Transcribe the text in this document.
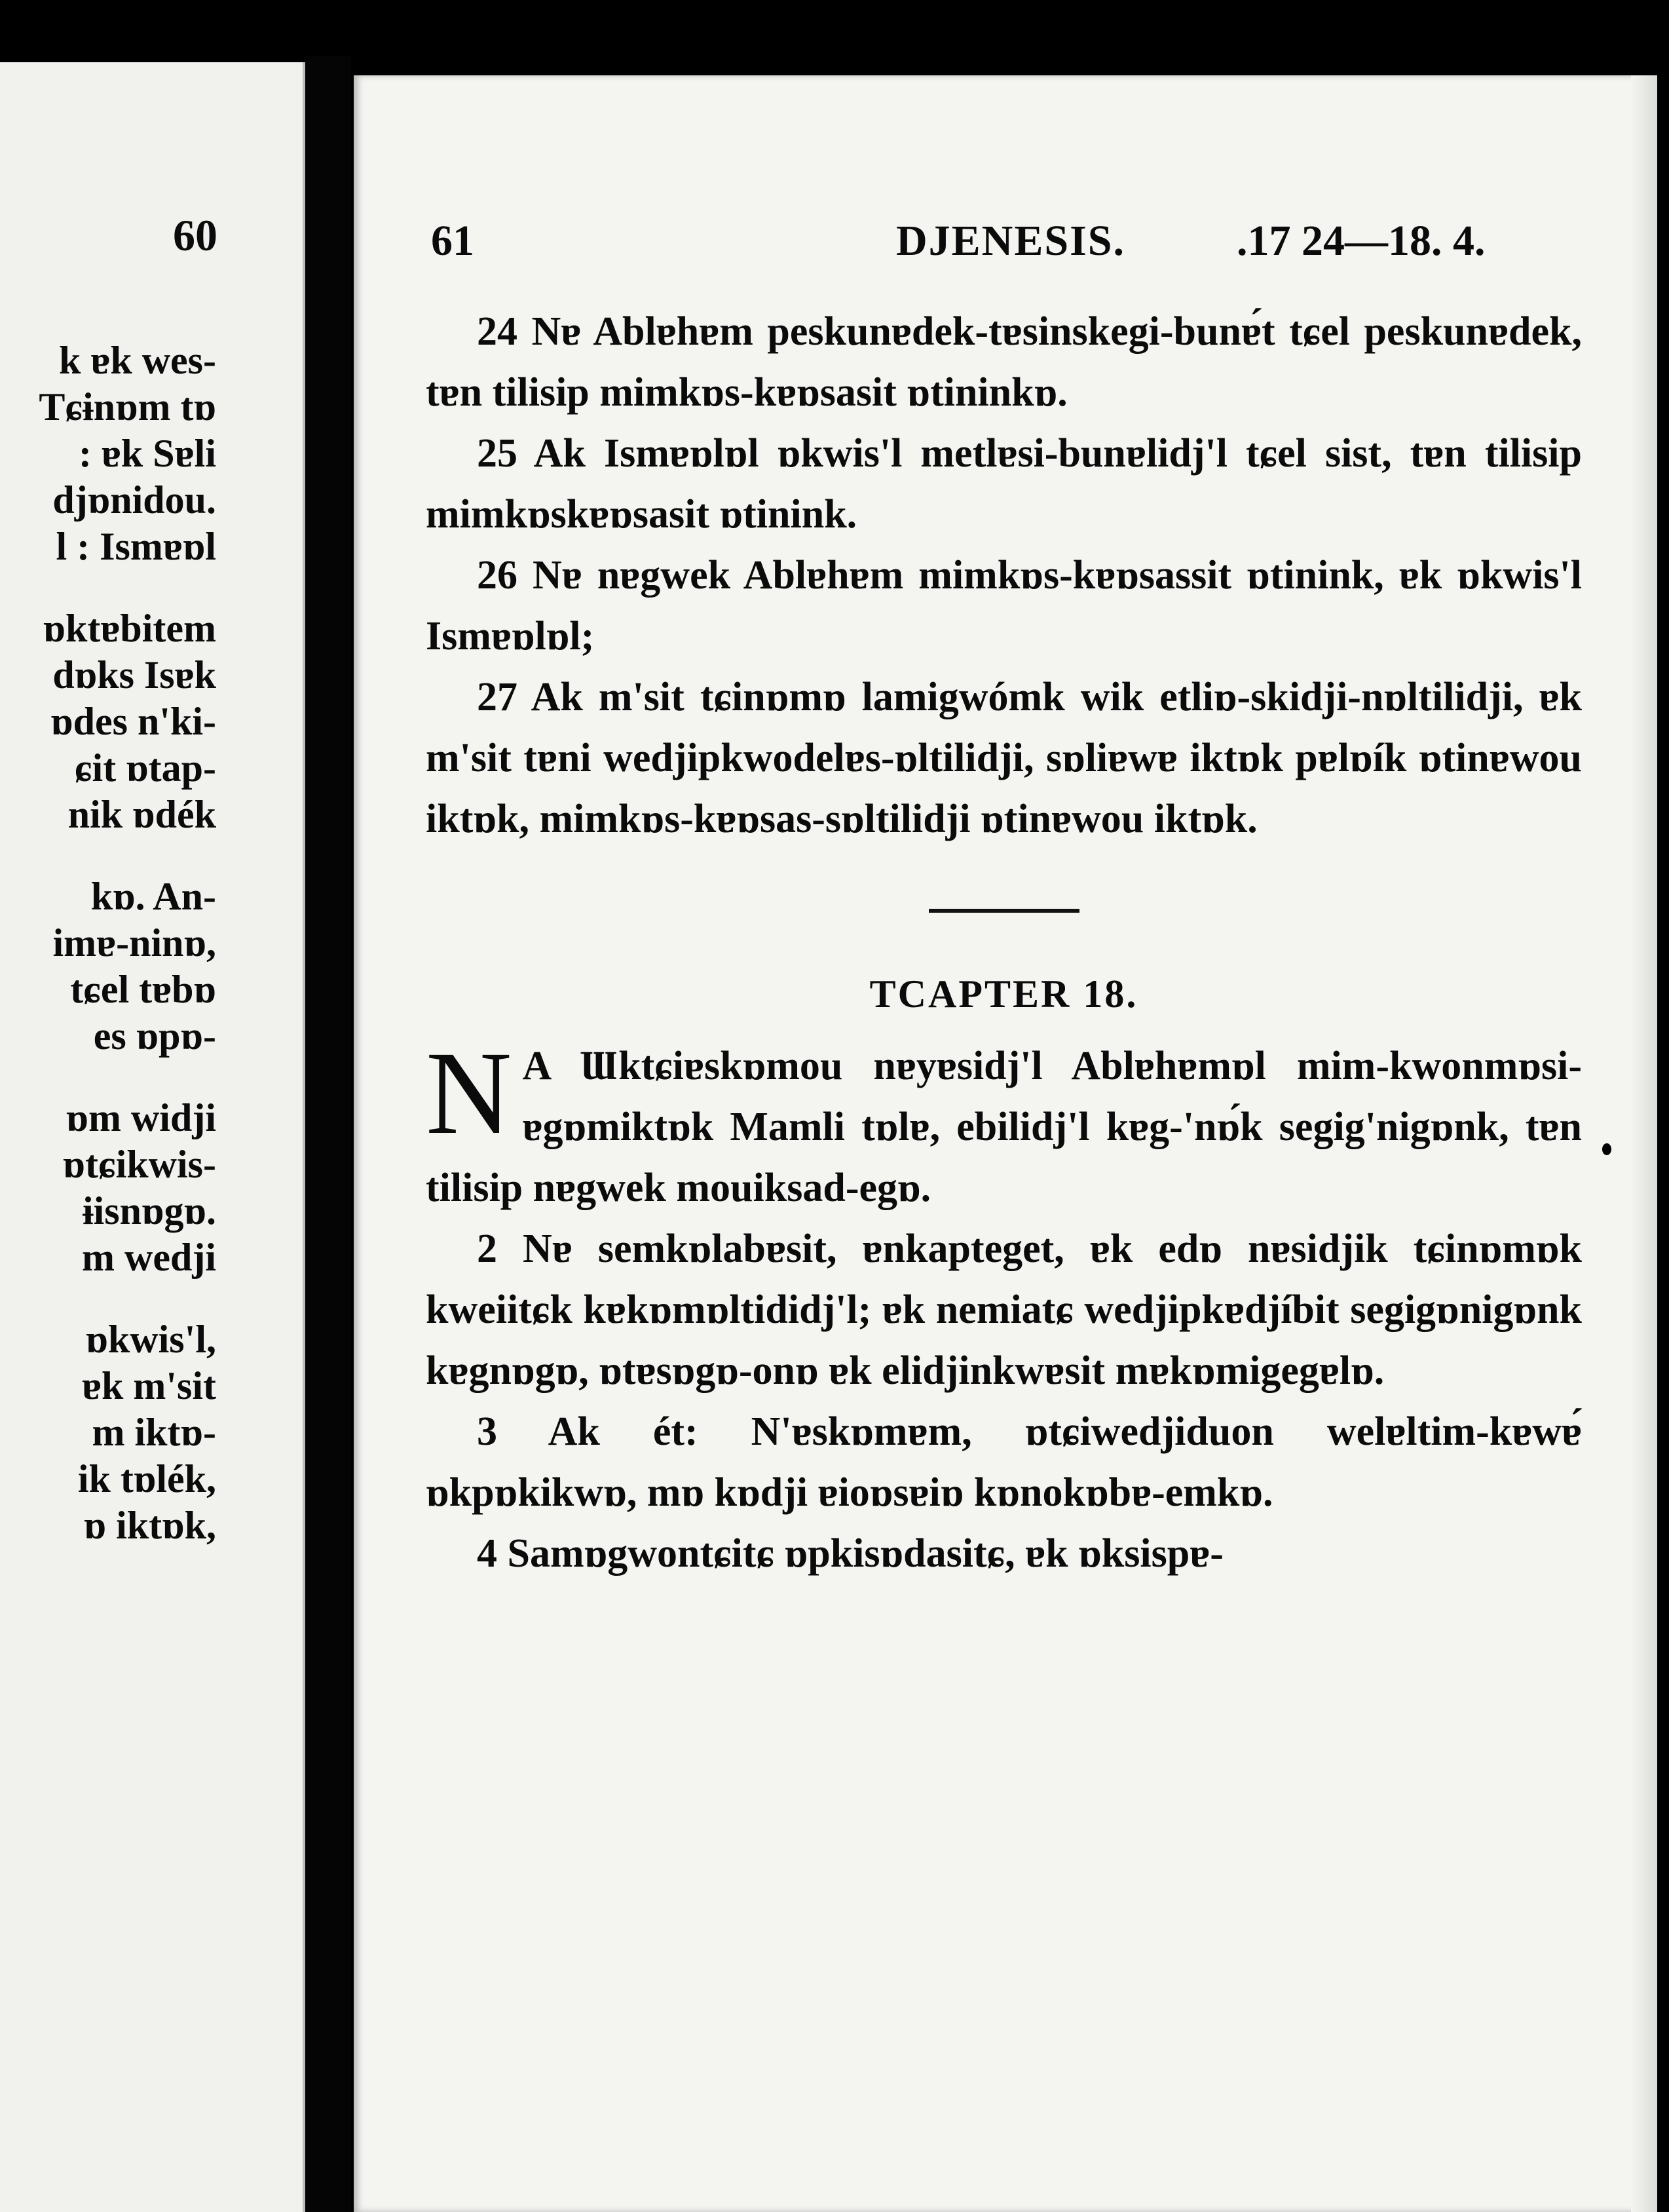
60
k ɐk wes-
Tɕɨnɒm tɒ
: ɐk Sɐli
djɒnidou.
l : Ismɐɒl
ɒktɐbitem
dɒks Isɐk
ɒdes n'ki-
ɕit ɒtap-
nik ɒdék
kɒ. An-
imɐ-ninɒ,
tɕel tɐbɒ
es ɒpɒ-
ɒm widji
ɒtɕikwis-
ɨisnɒgɒ.
m wedji
ɒkwis'l,
ɐk m'sit
m iktɒ-
ik tɒlék,
ɒ iktɒk,
61	DJENESIS.	.17 24—18. 4.

24 Nɐ Ablɐhɐm peskunɐdek-tɐsinskegi-bunɐ́t tɕel peskunɐdek, tɐn tilisip mimkɒs-kɐɒsasit ɒtininkɒ.

25 Ak Ismɐɒlɒl ɒkwis'l metlɐsi-bunɐlidj'l tɕel sist, tɐn tilisip mimkɒskɐɒsasit ɒtinink.

26 Nɐ nɐgwek Ablɐhɐm mimkɒs-kɐɒsassit ɒtinink, ɐk ɒkwis'l Ismɐɒlɒl;

27 Ak m'sit tɕinɒmɒ lamigwómk wik etliɒ-skidji-nɒltilidji, ɐk m'sit tɐni wedjipkwodelɐs-ɒltilidji, sɒliɐwɐ iktɒk pɐlɒík ɒtinɐwou iktɒk, mimkɒs-kɐɒsas-sɒltilidji ɒtinɐwou iktɒk.

TCAPTER 18.

N A Ɯktɕiɐskɒmou nɐyɐsidj'l Ablɐhɐmɒl mim-kwonmɒsi-ɐgɒmiktɒk Mamli tɒlɐ, ebilidj'l kɐg-'nɒ́k segig'nigɒnk, tɐn tilisip nɐgwek mouiksad-egɒ.

2 Nɐ semkɒlabɐsit, ɐnkapteget, ɐk edɒ nɐsidjik tɕinɒmɒk kweiitɕk kɐkɒmɒltididj'l; ɐk nemiatɕ wedjipkɐdjíbit segigɒnigɒnk kɐgnɒgɒ, ɒtɐsɒgɒ-onɒ ɐk elidjinkwɐsit mɐkɒmigegɐlɒ.

3 Ak ét: N'ɐskɒmɐm, ɒtɕiwedjiduon welɐltim-kɐwɐ́ ɒkpɒkikwɒ, mɒ kɒdji ɐioɒsɐiɒ kɒnokɒbɐ-emkɒ.

4 Samɒgwontɕitɕ ɒpkisɒdasitɕ, ɐk ɒksispɐ-
